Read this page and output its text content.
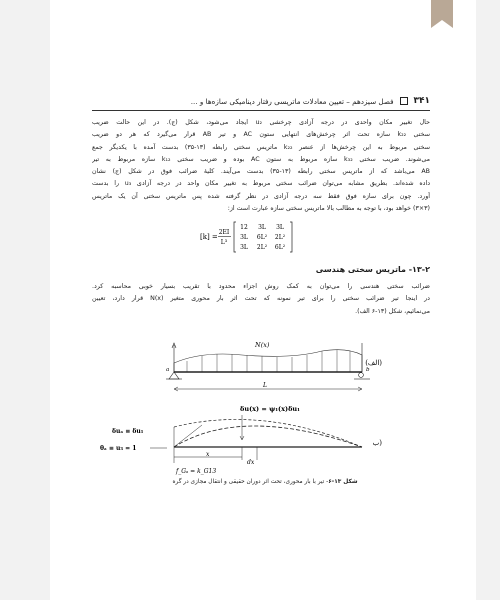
۳۴۱
فصل سیزدهم – تعیین معادلات ماتریسی رفتار دینامیکی سازه‌ها و ...
حال تغییر مکان واحدی در درجه آزادی چرخشی u₂ ایجاد می‌شود، شکل (ج). در این حالت ضریب
سختی k₂₂ سازه تحت اثر چرخش‌های انتهایی ستون AC و تیر AB قرار می‌گیرد که هر دو ضریب
سختی مربوط به این چرخش‌ها از عنصر k₂₂ ماتریس سختی رابطه (۱۳-۳۵) بدست آمده با یکدیگر جمع
می‌شوند. ضریب سختی k₃₂ سازه مربوط به ستون AC بوده و ضریب سختی k₁₂ سازه مربوط به تیر
AB می‌باشد که از ماتریس سختی رابطه (۱۳-۳۵) بدست می‌آیند. کلیهٔ ضرائب فوق در شکل (ج) نشان
داده شده‌اند. بطریق مشابه می‌توان ضرائب سختی مربوط به تغییر مکان واحد در درجه آزادی u₃ را بدست
آورد. چون برای سازه فوق فقط سه درجه آزادی در نظر گرفته شده پس ماتریس سختی آن یک ماتریس
(۳×۳) خواهد بود، با توجه به مطالب بالا ماتریس سختی سازه عبارت است از:
[k] =
2EI
L³
12 3L 3L
3L 6L² 2L²
3L 2L² 6L²
۱۳-۲- ماتریس سختی هندسی
ضرائب سختی هندسی را می‌توان به کمک روش اجزاء محدود با تقریب بسیار خوبی محاسبه کرد.
در اینجا تیر ضرائب سختی را برای تیر نمونه که تحت اثر بار محوری متغیر N(x) قرار دارد، تعیین
می‌نمائیم، شکل (۱۳-۶ الف).
N(x)
a	b
L
(الف)
δu(x) = ψ₁(x)δu₁
δuₐ ≡ δu₁
θₐ ≡ u₃ = 1
x
dx
f_Gₐ = k_G13
(ب
شکل ۱۳-۶- تیر با بار محوری، تحت اثر دوران حقیقی و انتقال مجازی در گره
